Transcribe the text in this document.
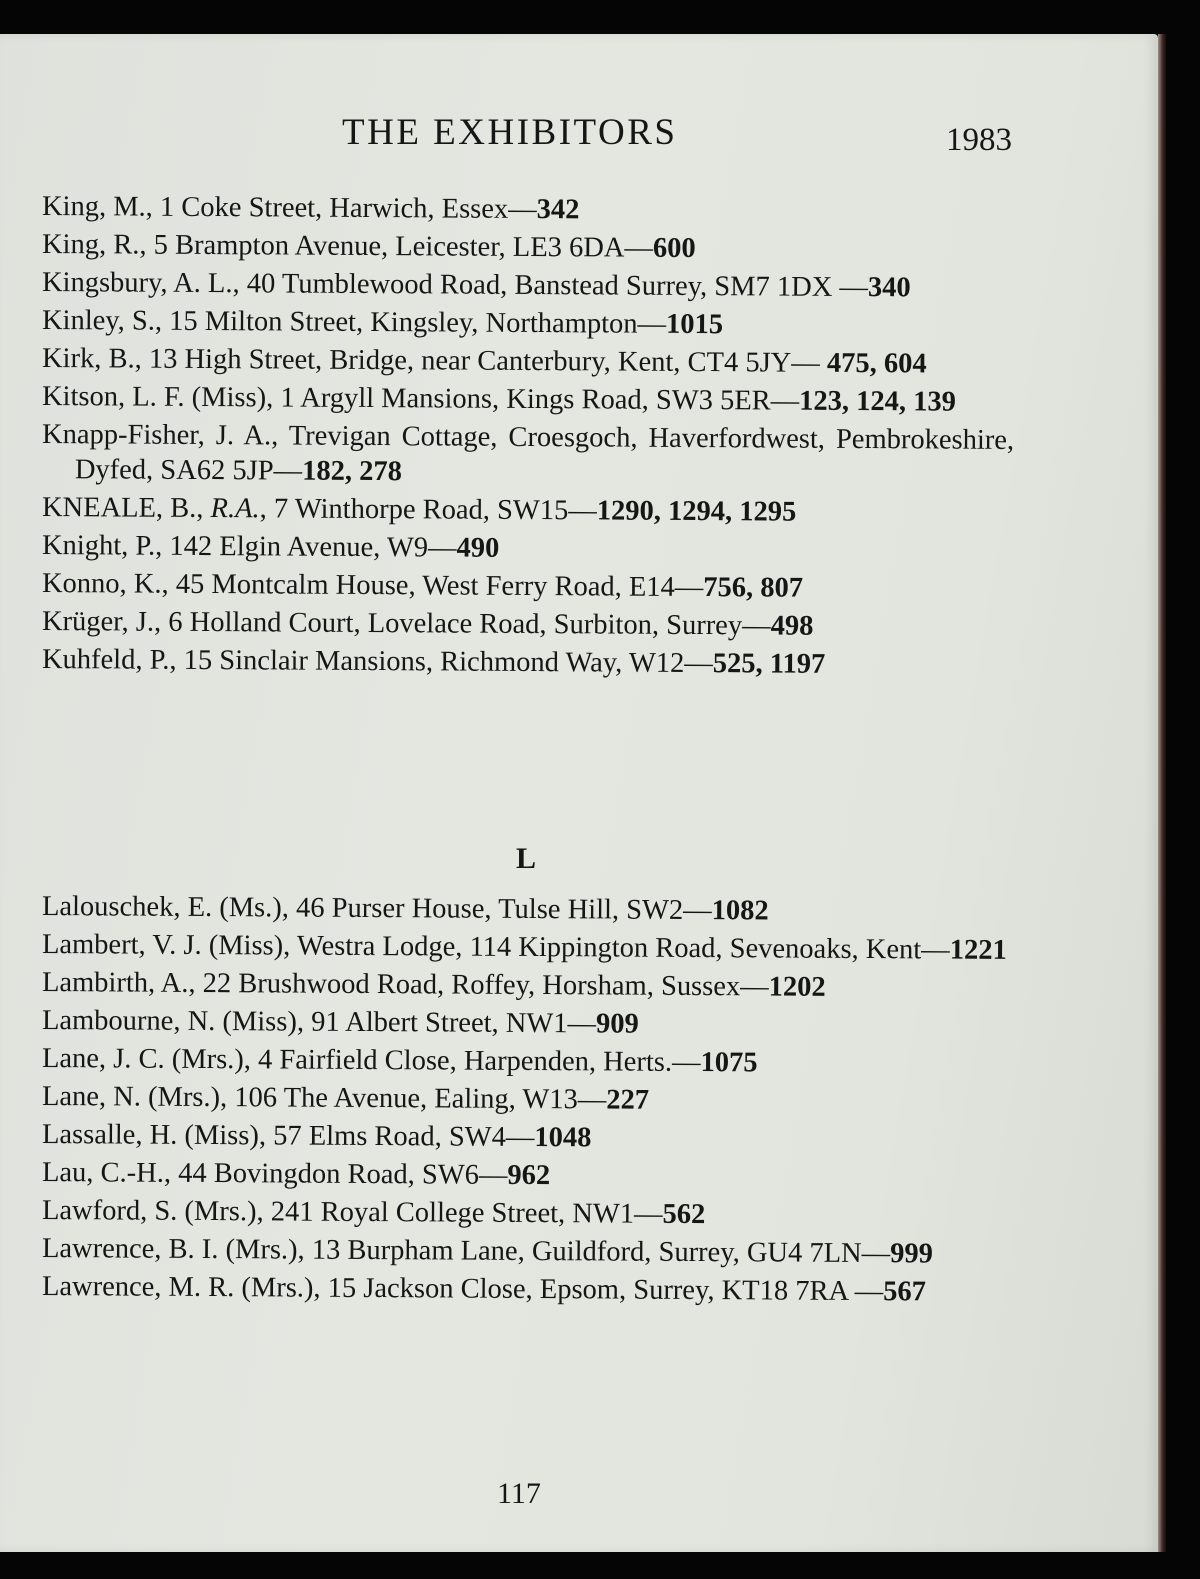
THE EXHIBITORS	1983
King, M., 1 Coke Street, Harwich, Essex—342
King, R., 5 Brampton Avenue, Leicester, LE3 6DA—600
Kingsbury, A. L., 40 Tumblewood Road, Banstead Surrey, SM7 1DX —340
Kinley, S., 15 Milton Street, Kingsley, Northampton—1015
Kirk, B., 13 High Street, Bridge, near Canterbury, Kent, CT4 5JY— 475, 604
Kitson, L. F. (Miss), 1 Argyll Mansions, Kings Road, SW3 5ER—123, 124, 139
Knapp-Fisher, J. A., Trevigan Cottage, Croesgoch, Haverfordwest, Pembrokeshire, Dyfed, SA62 5JP—182, 278
KNEALE, B., R.A., 7 Winthorpe Road, SW15—1290, 1294, 1295
Knight, P., 142 Elgin Avenue, W9—490
Konno, K., 45 Montcalm House, West Ferry Road, E14—756, 807
Krüger, J., 6 Holland Court, Lovelace Road, Surbiton, Surrey—498
Kuhfeld, P., 15 Sinclair Mansions, Richmond Way, W12—525, 1197
L
Lalouschek, E. (Ms.), 46 Purser House, Tulse Hill, SW2—1082
Lambert, V. J. (Miss), Westra Lodge, 114 Kippington Road, Sevenoaks, Kent—1221
Lambirth, A., 22 Brushwood Road, Roffey, Horsham, Sussex—1202
Lambourne, N. (Miss), 91 Albert Street, NW1—909
Lane, J. C. (Mrs.), 4 Fairfield Close, Harpenden, Herts.—1075
Lane, N. (Mrs.), 106 The Avenue, Ealing, W13—227
Lassalle, H. (Miss), 57 Elms Road, SW4—1048
Lau, C.-H., 44 Bovingdon Road, SW6—962
Lawford, S. (Mrs.), 241 Royal College Street, NW1—562
Lawrence, B. I. (Mrs.), 13 Burpham Lane, Guildford, Surrey, GU4 7LN—999
Lawrence, M. R. (Mrs.), 15 Jackson Close, Epsom, Surrey, KT18 7RA —567
117
